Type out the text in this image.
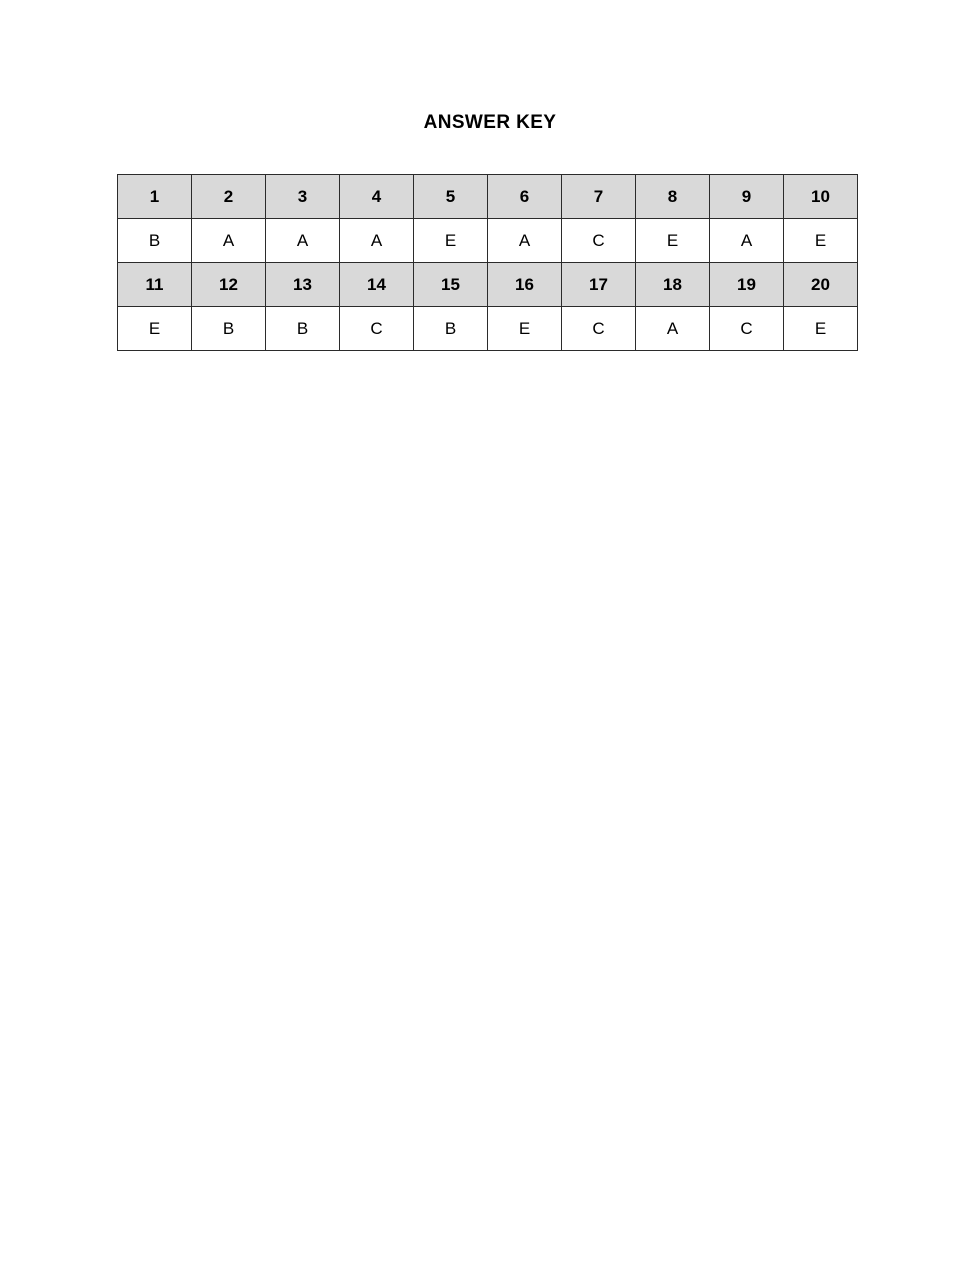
ANSWER KEY
1	2	3	4	5	6	7	8	9	10
B	A	A	A	E	A	C	E	A	E
11	12	13	14	15	16	17	18	19	20
E	B	B	C	B	E	C	A	C	E
